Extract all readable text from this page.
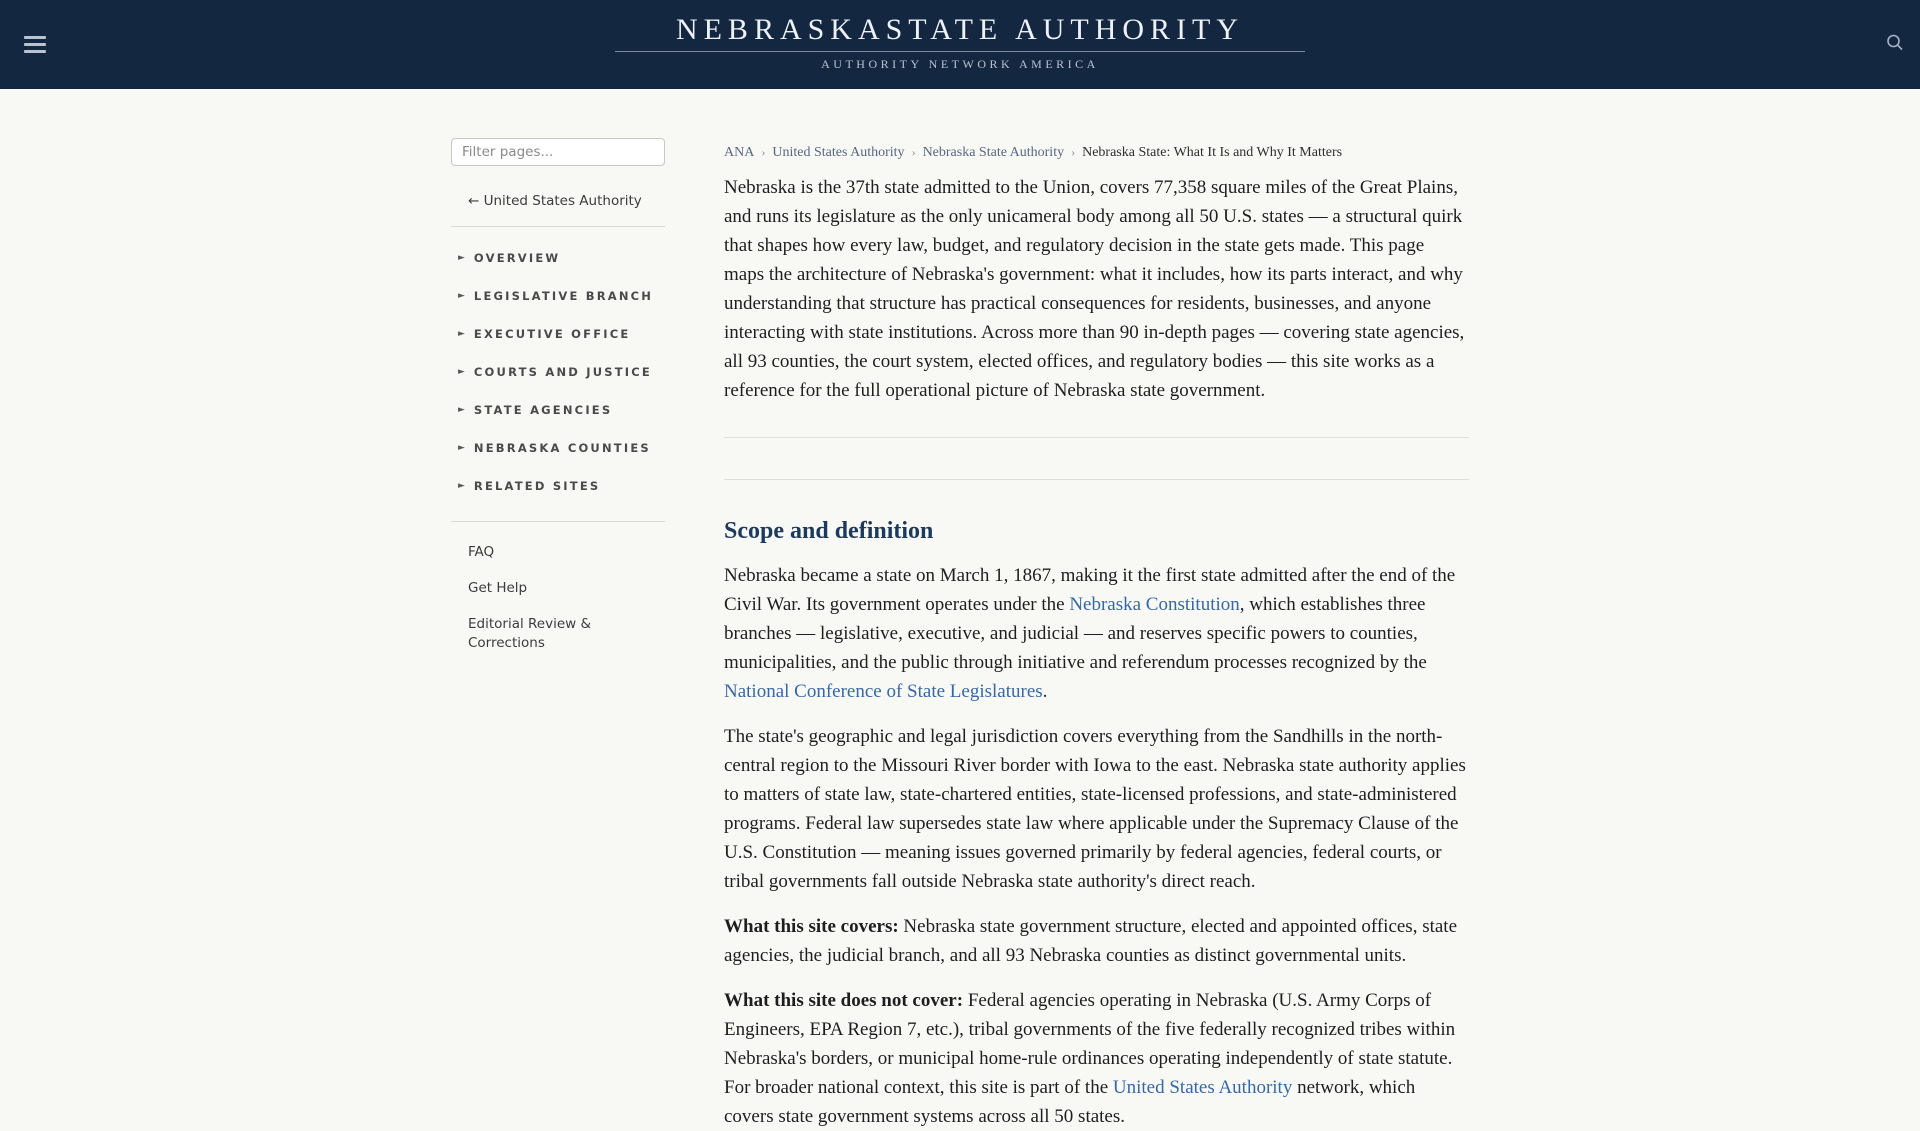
NEBRASKASTATE AUTHORITY
AUTHORITY NETWORK AMERICA
Filter pages...
← United States Authority
► OVERVIEW
► LEGISLATIVE BRANCH
► EXECUTIVE OFFICE
► COURTS AND JUSTICE
► STATE AGENCIES
► NEBRASKA COUNTIES
► RELATED SITES
FAQ
Get Help
Editorial Review & Corrections
ANA › United States Authority › Nebraska State Authority › Nebraska State: What It Is and Why It Matters

Nebraska is the 37th state admitted to the Union, covers 77,358 square miles of the Great Plains, and runs its legislature as the only unicameral body among all 50 U.S. states — a structural quirk that shapes how every law, budget, and regulatory decision in the state gets made. This page maps the architecture of Nebraska's government: what it includes, how its parts interact, and why understanding that structure has practical consequences for residents, businesses, and anyone interacting with state institutions. Across more than 90 in-depth pages — covering state agencies, all 93 counties, the court system, elected offices, and regulatory bodies — this site works as a reference for the full operational picture of Nebraska state government.

Scope and definition

Nebraska became a state on March 1, 1867, making it the first state admitted after the end of the Civil War. Its government operates under the Nebraska Constitution, which establishes three branches — legislative, executive, and judicial — and reserves specific powers to counties, municipalities, and the public through initiative and referendum processes recognized by the National Conference of State Legislatures.

The state's geographic and legal jurisdiction covers everything from the Sandhills in the north-central region to the Missouri River border with Iowa to the east. Nebraska state authority applies to matters of state law, state-chartered entities, state-licensed professions, and state-administered programs. Federal law supersedes state law where applicable under the Supremacy Clause of the U.S. Constitution — meaning issues governed primarily by federal agencies, federal courts, or tribal governments fall outside Nebraska state authority's direct reach.

What this site covers: Nebraska state government structure, elected and appointed offices, state agencies, the judicial branch, and all 93 Nebraska counties as distinct governmental units.

What this site does not cover: Federal agencies operating in Nebraska (U.S. Army Corps of Engineers, EPA Region 7, etc.), tribal governments of the five federally recognized tribes within Nebraska's borders, or municipal home-rule ordinances operating independently of state statute. For broader national context, this site is part of the United States Authority network, which covers state government systems across all 50 states.
